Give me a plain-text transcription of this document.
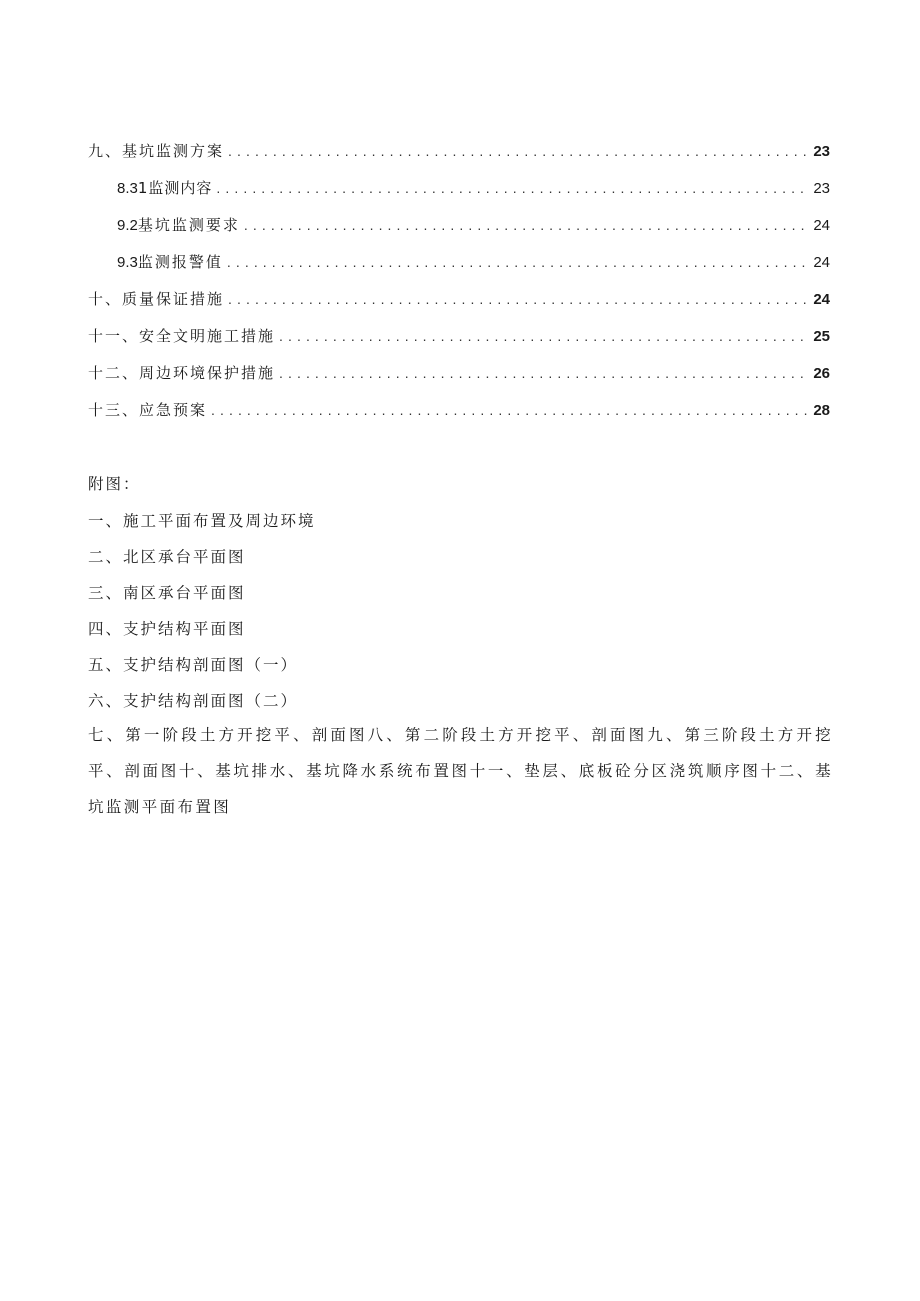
九、基坑监测方案 . . .	23
8.3 1监测内容 . . .	23
9.2 基坑监测要求 . . .	24
9.3 监测报警值 . . .	24
十、质量保证措施 . . .	24
十一、安全文明施工措施 . . .	25
十二、周边环境保护措施 . . .	26
十三、应急预案 . . .	28
附图：
一、施工平面布置及周边环境
二、北区承台平面图
三、南区承台平面图
四、支护结构平面图
五、支护结构剖面图（一）
六、支护结构剖面图（二）
七、第一阶段土方开挖平、剖面图八、第二阶段土方开挖平、剖面图九、第三阶段土方开挖平、剖面图十、基坑排水、基坑降水系统布置图十一、垫层、底板砼分区浇筑顺序图十二、基坑监测平面布置图
